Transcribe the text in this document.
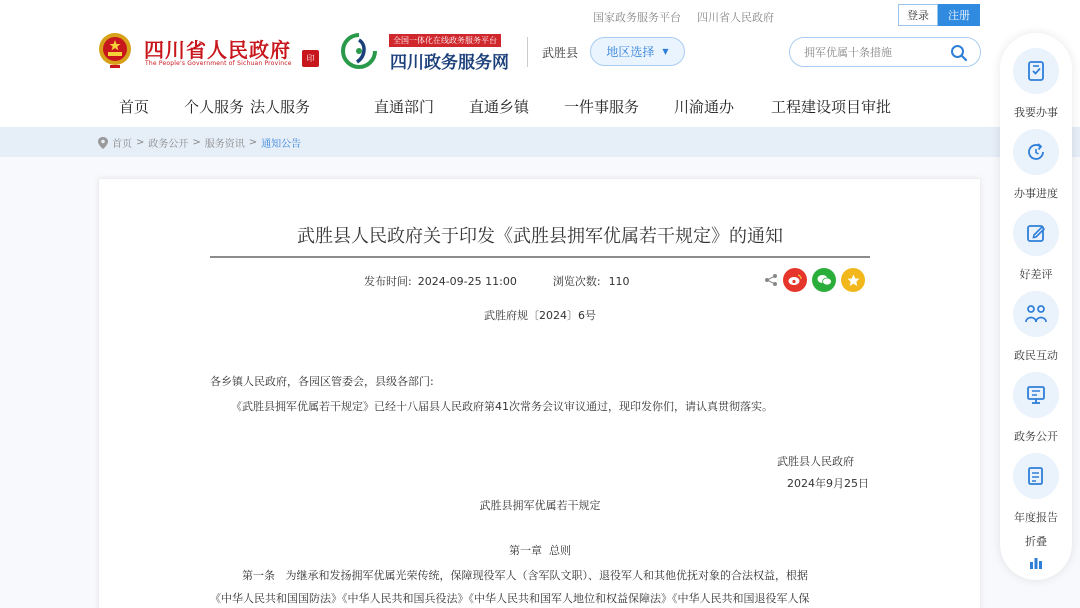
国家政务服务平台 四川省人民政府	登录	注册
四川省人民政府
The People's Government of Sichuan Province
印
全国一体化在线政务服务平台
四川政务服务网	武胜县 地区选择 ▼
拥军优属十条措施
首页	个人服务 法人服务	直通部门	直通乡镇	一件事服务	川渝通办	工程建设项目审批
首页 > 政务公开 > 服务资讯 > 通知公告
武胜县人民政府关于印发《武胜县拥军优属若干规定》的通知
发布时间: 2024-09-25 11:00	浏览次数: 110
武胜府规〔2024〕6号
各乡镇人民政府，各园区管委会，县级各部门:
《武胜县拥军优属若干规定》已经十八届县人民政府第41次常务会议审议通过，现印发你们，请认真贯彻落实。
武胜县人民政府
2024年9月25日
武胜县拥军优属若干规定
第一章  总则
第一条   为继承和发扬拥军优属光荣传统，保障现役军人（含军队文职）、退役军人和其他优抚对象的合法权益，根据
《中华人民共和国国防法》《中华人民共和国兵役法》《中华人民共和国军人地位和权益保障法》《中华人民共和国退役军人保
我要办事
办事进度
好差评
政民互动
政务公开
年度报告
折叠
